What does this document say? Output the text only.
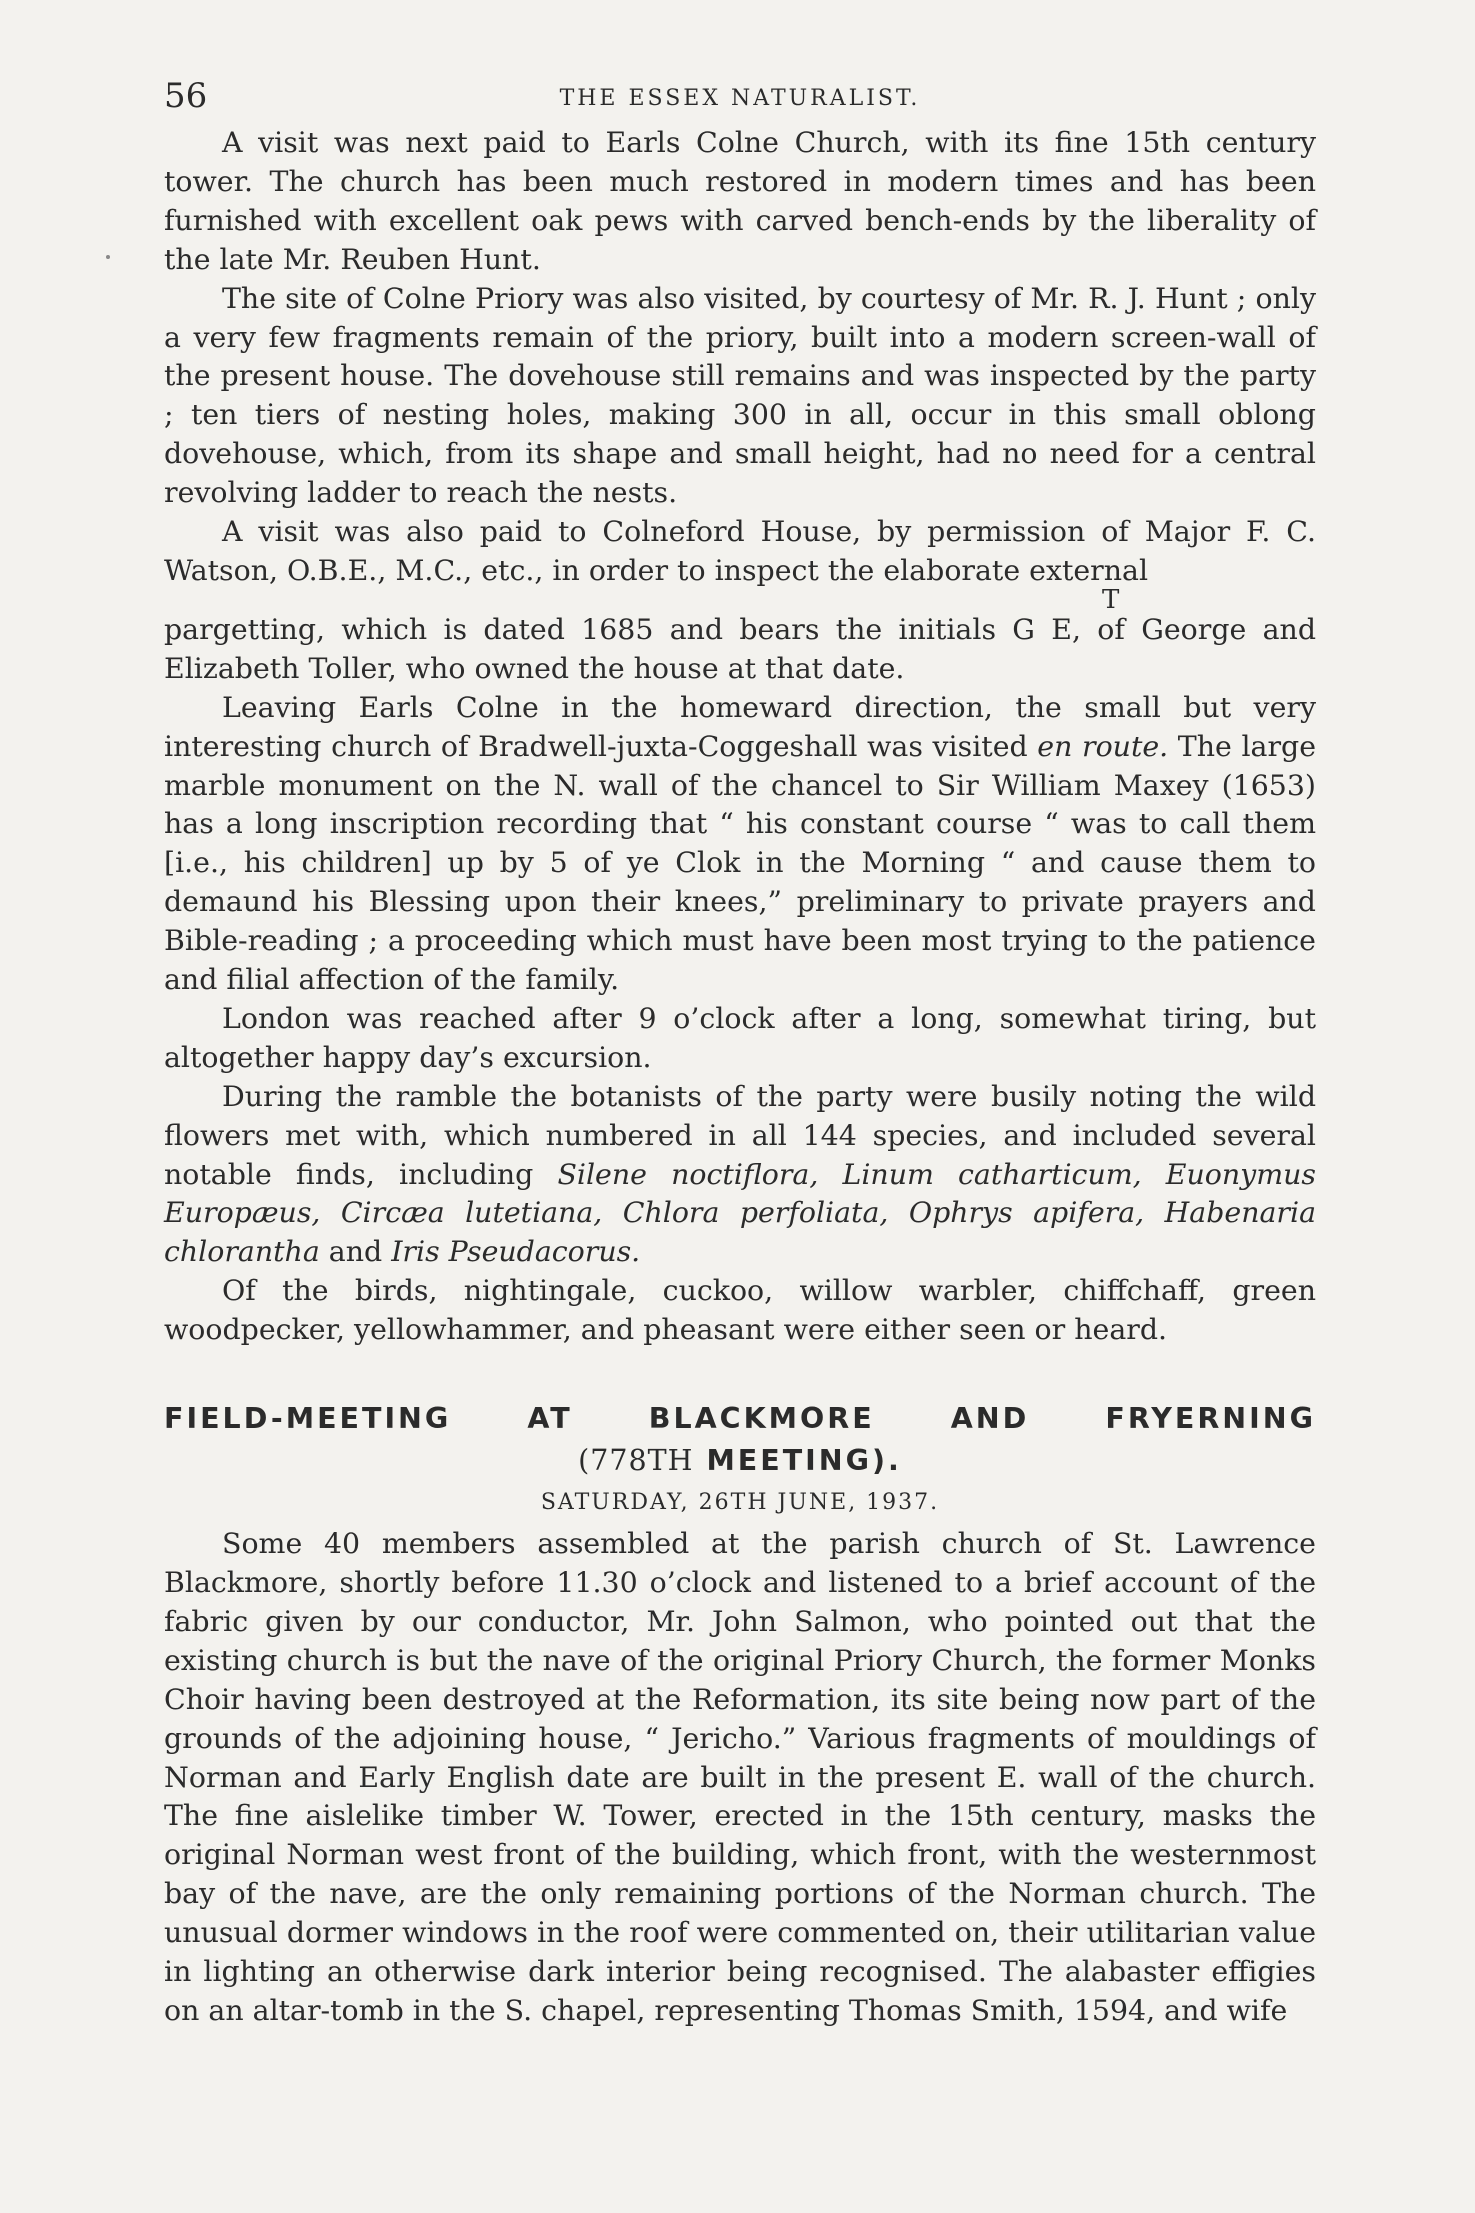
56	THE ESSEX NATURALIST.

A visit was next paid to Earls Colne Church, with its fine 15th century tower. The church has been much restored in modern times and has been furnished with excellent oak pews with carved bench-ends by the liberality of the late Mr. Reuben Hunt.

The site of Colne Priory was also visited, by courtesy of Mr. R. J. Hunt ; only a very few fragments remain of the priory, built into a modern screen-wall of the present house. The dovehouse still remains and was inspected by the party ; ten tiers of nesting holes, making 300 in all, occur in this small oblong dovehouse, which, from its shape and small height, had no need for a central revolving ladder to reach the nests.

A visit was also paid to Colneford House, by permission of Major F. C. Watson, O.B.E., M.C., etc., in order to inspect the elaborate external
T
pargetting, which is dated 1685 and bears the initials G E, of George and Elizabeth Toller, who owned the house at that date.

Leaving Earls Colne in the homeward direction, the small but very interesting church of Bradwell-juxta-Coggeshall was visited en route. The large marble monument on the N. wall of the chancel to Sir William Maxey (1653) has a long inscription recording that “ his constant course “ was to call them [i.e., his children] up by 5 of ye Clok in the Morning “ and cause them to demaund his Blessing upon their knees,” preliminary to private prayers and Bible-reading ; a proceeding which must have been most trying to the patience and filial affection of the family.

London was reached after 9 o’clock after a long, somewhat tiring, but altogether happy day’s excursion.

During the ramble the botanists of the party were busily noting the wild flowers met with, which numbered in all 144 species, and included several notable finds, including Silene noctiflora, Linum catharticum, Euonymus Europæus, Circæa lutetiana, Chlora perfoliata, Ophrys apifera, Habenaria chlorantha and Iris Pseudacorus.

Of the birds, nightingale, cuckoo, willow warbler, chiffchaff, green woodpecker, yellowhammer, and pheasant were either seen or heard.

FIELD-MEETING	AT	BLACKMORE	AND	FRYERNING
(778TH MEETING).
SATURDAY, 26TH JUNE, 1937.

Some 40 members assembled at the parish church of St. Lawrence Blackmore, shortly before 11.30 o’clock and listened to a brief account of the fabric given by our conductor, Mr. John Salmon, who pointed out that the existing church is but the nave of the original Priory Church, the former Monks Choir having been destroyed at the Reformation, its site being now part of the grounds of the adjoining house, “ Jericho.” Various fragments of mouldings of Norman and Early English date are built in the present E. wall of the church. The fine aislelike timber W. Tower, erected in the 15th century, masks the original Norman west front of the building, which front, with the westernmost bay of the nave, are the only remaining portions of the Norman church. The unusual dormer windows in the roof were commented on, their utilitarian value in lighting an otherwise dark interior being recognised. The alabaster effigies on an altar-tomb in the S. chapel, representing Thomas Smith, 1594, and wife
